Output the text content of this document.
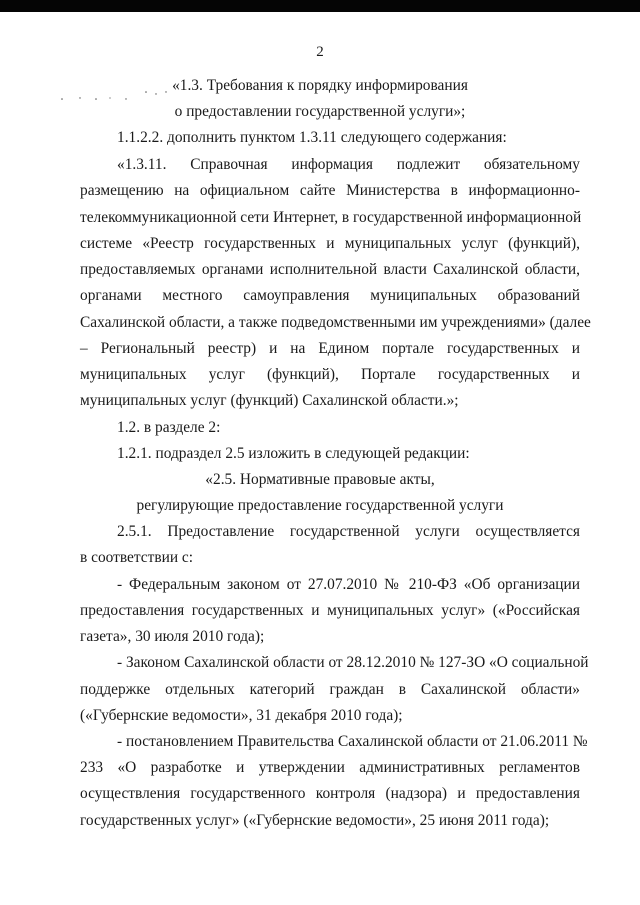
2
«1.3. Требования к порядку информирования
о предоставлении государственной услуги»;
1.1.2.2. дополнить пунктом 1.3.11 следующего содержания:
«1.3.11. Справочная информация подлежит обязательному
размещению на официальном сайте Министерства в информационно-
телекоммуникационной сети Интернет, в государственной информационной
системе «Реестр государственных и муниципальных услуг (функций),
предоставляемых органами исполнительной власти Сахалинской области,
органами местного самоуправления муниципальных образований
Сахалинской области, а также подведомственными им учреждениями» (далее
– Региональный реестр) и на Едином портале государственных и
муниципальных услуг (функций), Портале государственных и
муниципальных услуг (функций) Сахалинской области.»;
1.2. в разделе 2:
1.2.1. подраздел 2.5 изложить в следующей редакции:
«2.5. Нормативные правовые акты,
регулирующие предоставление государственной услуги
2.5.1. Предоставление государственной услуги осуществляется
в соответствии с:
- Федеральным законом от 27.07.2010 № 210-ФЗ «Об организации
предоставления государственных и муниципальных услуг» («Российская
газета», 30 июля 2010 года);
- Законом Сахалинской области от 28.12.2010 № 127-ЗО «О социальной
поддержке отдельных категорий граждан в Сахалинской области»
(«Губернские ведомости», 31 декабря 2010 года);
- постановлением Правительства Сахалинской области от 21.06.2011 №
233 «О разработке и утверждении административных регламентов
осуществления государственного контроля (надзора) и предоставления
государственных услуг» («Губернские ведомости», 25 июня 2011 года);
